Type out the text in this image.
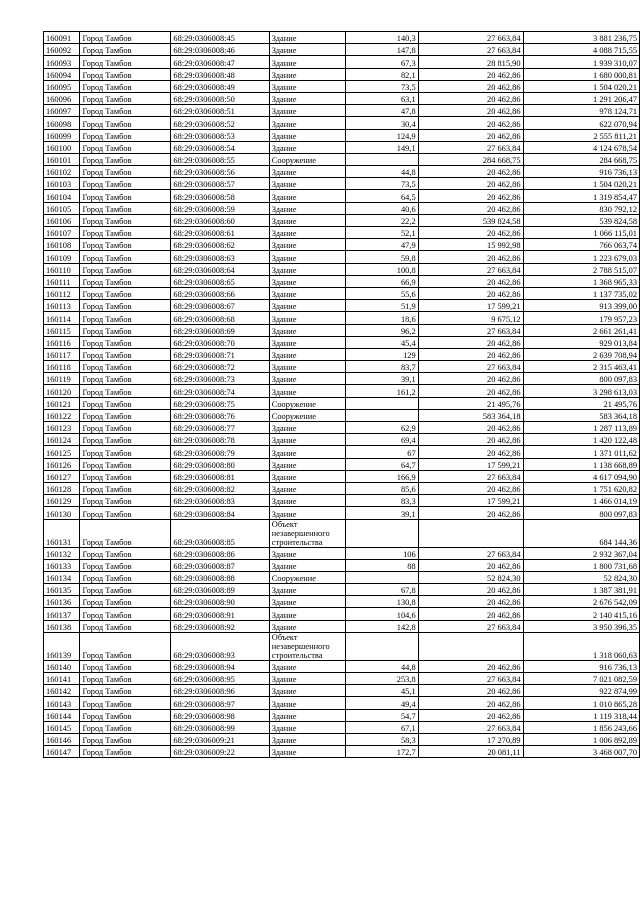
160091	Город Тамбов	68:29:0306008:45	Здание	140,3	27 663,84	3 881 236,75
160092	Город Тамбов	68:29:0306008:46	Здание	147,8	27 663,84	4 088 715,55
160093	Город Тамбов	68:29:0306008:47	Здание	67,3	28 815,90	1 939 310,07
160094	Город Тамбов	68:29:0306008:48	Здание	82,1	20 462,86	1 680 000,81
160095	Город Тамбов	68:29:0306008:49	Здание	73,5	20 462,86	1 504 020,21
160096	Город Тамбов	68:29:0306008:50	Здание	63,1	20 462,86	1 291 206,47
160097	Город Тамбов	68:29:0306008:51	Здание	47,8	20 462,86	978 124,71
160098	Город Тамбов	68:29:0306008:52	Здание	30,4	20 462,86	622 070,94
160099	Город Тамбов	68:29:0306008:53	Здание	124,9	20 462,86	2 555 811,21
160100	Город Тамбов	68:29:0306008:54	Здание	149,1	27 663,84	4 124 678,54
160101	Город Тамбов	68:29:0306008:55	Сооружение		284 668,75	284 668,75
160102	Город Тамбов	68:29:0306008:56	Здание	44,8	20 462,86	916 736,13
160103	Город Тамбов	68:29:0306008:57	Здание	73,5	20 462,86	1 504 020,21
160104	Город Тамбов	68:29:0306008:58	Здание	64,5	20 462,86	1 319 854,47
160105	Город Тамбов	68:29:0306008:59	Здание	40,6	20 462,86	830 792,12
160106	Город Тамбов	68:29:0306008:60	Здание	22,2	539 824,58	539 824,58
160107	Город Тамбов	68:29:0306008:61	Здание	52,1	20 462,86	1 066 115,01
160108	Город Тамбов	68:29:0306008:62	Здание	47,9	15 992,98	766 063,74
160109	Город Тамбов	68:29:0306008:63	Здание	59,8	20 462,86	1 223 679,03
160110	Город Тамбов	68:29:0306008:64	Здание	100,8	27 663,84	2 788 515,07
160111	Город Тамбов	68:29:0306008:65	Здание	66,9	20 462,86	1 368 965,33
160112	Город Тамбов	68:29:0306008:66	Здание	55,6	20 462,86	1 137 735,02
160113	Город Тамбов	68:29:0306008:67	Здание	51,9	17 599,21	913 399,00
160114	Город Тамбов	68:29:0306008:68	Здание	18,6	9 675,12	179 957,23
160115	Город Тамбов	68:29:0306008:69	Здание	96,2	27 663,84	2 661 261,41
160116	Город Тамбов	68:29:0306008:70	Здание	45,4	20 462,86	929 013,84
160117	Город Тамбов	68:29:0306008:71	Здание	129	20 462,86	2 639 708,94
160118	Город Тамбов	68:29:0306008:72	Здание	83,7	27 663,84	2 315 463,41
160119	Город Тамбов	68:29:0306008:73	Здание	39,1	20 462,86	800 097,83
160120	Город Тамбов	68:29:0306008:74	Здание	161,2	20 462,86	3 298 613,03
160121	Город Тамбов	68:29:0306008:75	Сооружение		21 495,76	21 495,76
160122	Город Тамбов	68:29:0306008:76	Сооружение		583 364,18	583 364,18
160123	Город Тамбов	68:29:0306008:77	Здание	62,9	20 462,86	1 287 113,89
160124	Город Тамбов	68:29:0306008:78	Здание	69,4	20 462,86	1 420 122,48
160125	Город Тамбов	68:29:0306008:79	Здание	67	20 462,86	1 371 011,62
160126	Город Тамбов	68:29:0306008:80	Здание	64,7	17 599,21	1 138 668,89
160127	Город Тамбов	68:29:0306008:81	Здание	166,9	27 663,84	4 617 094,90
160128	Город Тамбов	68:29:0306008:82	Здание	85,6	20 462,86	1 751 620,82
160129	Город Тамбов	68:29:0306008:83	Здание	83,3	17 599,21	1 466 014,19
160130	Город Тамбов	68:29:0306008:84	Здание	39,1	20 462,86	800 097,83
160131	Город Тамбов	68:29:0306008:85	Объект
незавершенного
строительства			684 144,36
160132	Город Тамбов	68:29:0306008:86	Здание	106	27 663,84	2 932 367,04
160133	Город Тамбов	68:29:0306008:87	Здание	88	20 462,86	1 800 731,68
160134	Город Тамбов	68:29:0306008:88	Сооружение		52 824,30	52 824,30
160135	Город Тамбов	68:29:0306008:89	Здание	67,8	20 462,86	1 387 381,91
160136	Город Тамбов	68:29:0306008:90	Здание	130,8	20 462,86	2 676 542,09
160137	Город Тамбов	68:29:0306008:91	Здание	104,6	20 462,86	2 140 415,16
160138	Город Тамбов	68:29:0306008:92	Здание	142,8	27 663,84	3 950 396,35
160139	Город Тамбов	68:29:0306008:93	Объект
незавершенного
строительства			1 318 060,63
160140	Город Тамбов	68:29:0306008:94	Здание	44,8	20 462,86	916 736,13
160141	Город Тамбов	68:29:0306008:95	Здание	253,8	27 663,84	7 021 082,59
160142	Город Тамбов	68:29:0306008:96	Здание	45,1	20 462,86	922 874,99
160143	Город Тамбов	68:29:0306008:97	Здание	49,4	20 462,86	1 010 865,28
160144	Город Тамбов	68:29:0306008:98	Здание	54,7	20 462,86	1 119 318,44
160145	Город Тамбов	68:29:0306008:99	Здание	67,1	27 663,84	1 856 243,66
160146	Город Тамбов	68:29:0306009:21	Здание	58,3	17 270,89	1 006 892,89
160147	Город Тамбов	68:29:0306009:22	Здание	172,7	20 081,11	3 468 007,70
